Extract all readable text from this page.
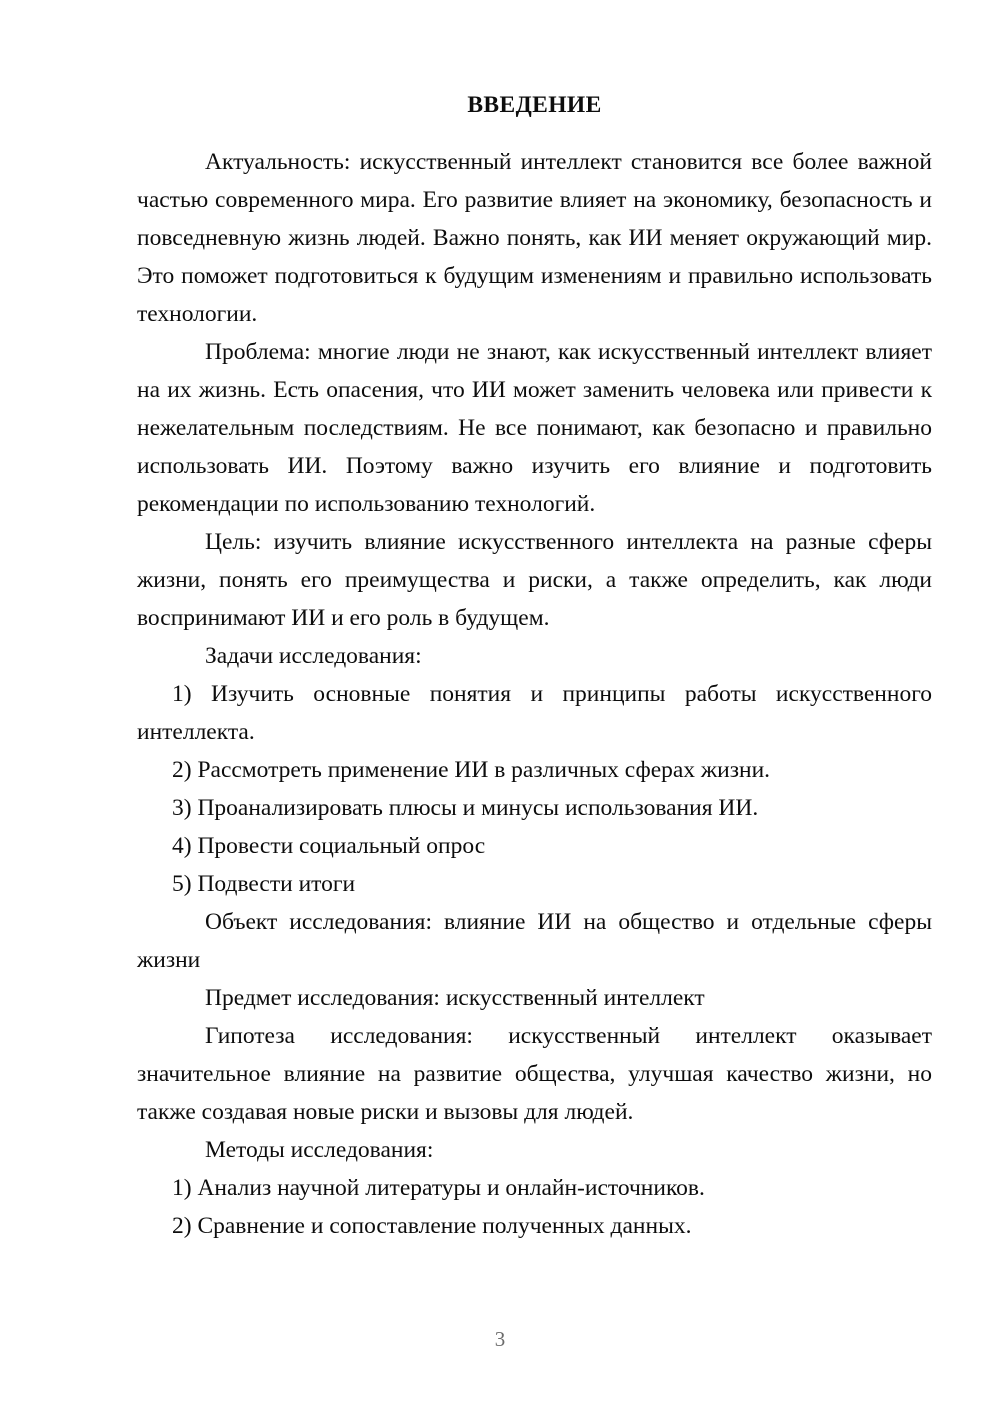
ВВЕДЕНИЕ

Актуальность: искусственный интеллект становится все более важной частью современного мира. Его развитие влияет на экономику, безопасность и повседневную жизнь людей. Важно понять, как ИИ меняет окружающий мир. Это поможет подготовиться к будущим изменениям и правильно использовать технологии.

Проблема: многие люди не знают, как искусственный интеллект влияет на их жизнь. Есть опасения, что ИИ может заменить человека или привести к нежелательным последствиям. Не все понимают, как безопасно и правильно использовать ИИ. Поэтому важно изучить его влияние и подготовить рекомендации по использованию технологий.

Цель: изучить влияние искусственного интеллекта на разные сферы жизни, понять его преимущества и риски, а также определить, как люди воспринимают ИИ и его роль в будущем.

Задачи исследования:

1) Изучить основные понятия и принципы работы искусственного интеллекта.

2) Рассмотреть применение ИИ в различных сферах жизни.

3) Проанализировать плюсы и минусы использования ИИ.

4) Провести социальный опрос

5) Подвести итоги

Объект исследования: влияние ИИ на общество и отдельные сферы жизни

Предмет исследования: искусственный интеллект

Гипотеза исследования: искусственный интеллект оказывает значительное влияние на развитие общества, улучшая качество жизни, но также создавая новые риски и вызовы для людей.

Методы исследования:

1) Анализ научной литературы и онлайн-источников.

2) Сравнение и сопоставление полученных данных.

3
